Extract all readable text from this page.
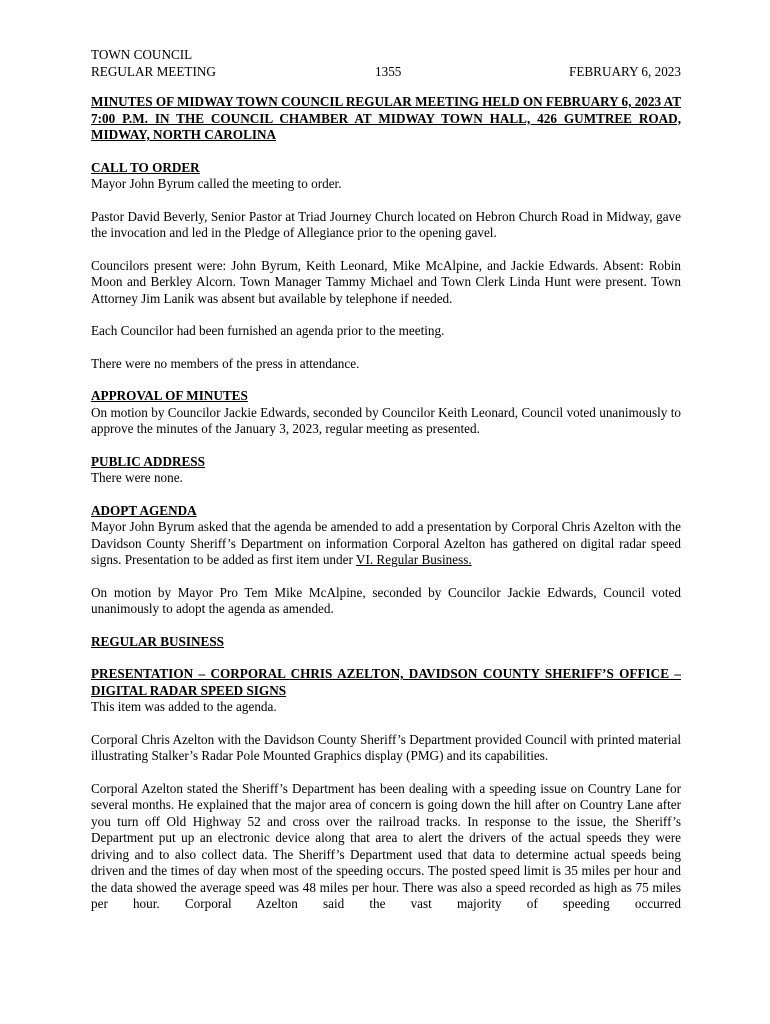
TOWN COUNCIL
REGULAR MEETING	1355	FEBRUARY 6, 2023
MINUTES OF MIDWAY TOWN COUNCIL REGULAR MEETING HELD ON FEBRUARY 6, 2023 AT 7:00 P.M. IN THE COUNCIL CHAMBER AT MIDWAY TOWN HALL, 426 GUMTREE ROAD, MIDWAY, NORTH CAROLINA
CALL TO ORDER

Mayor John Byrum called the meeting to order.

Pastor David Beverly, Senior Pastor at Triad Journey Church located on Hebron Church Road in Midway, gave the invocation and led in the Pledge of Allegiance prior to the opening gavel.

Councilors present were: John Byrum, Keith Leonard, Mike McAlpine, and Jackie Edwards. Absent: Robin Moon and Berkley Alcorn. Town Manager Tammy Michael and Town Clerk Linda Hunt were present. Town Attorney Jim Lanik was absent but available by telephone if needed.

Each Councilor had been furnished an agenda prior to the meeting.

There were no members of the press in attendance.

APPROVAL OF MINUTES

On motion by Councilor Jackie Edwards, seconded by Councilor Keith Leonard, Council voted unanimously to approve the minutes of the January 3, 2023, regular meeting as presented.

PUBLIC ADDRESS

There were none.

ADOPT AGENDA

Mayor John Byrum asked that the agenda be amended to add a presentation by Corporal Chris Azelton with the Davidson County Sheriff’s Department on information Corporal Azelton has gathered on digital radar speed signs. Presentation to be added as first item under VI. Regular Business.

On motion by Mayor Pro Tem Mike McAlpine, seconded by Councilor Jackie Edwards, Council voted unanimously to adopt the agenda as amended.

REGULAR BUSINESS
PRESENTATION – CORPORAL CHRIS AZELTON, DAVIDSON COUNTY SHERIFF’S OFFICE – DIGITAL RADAR SPEED SIGNS

This item was added to the agenda.

Corporal Chris Azelton with the Davidson County Sheriff’s Department provided Council with printed material illustrating Stalker’s Radar Pole Mounted Graphics display (PMG) and its capabilities.

Corporal Azelton stated the Sheriff’s Department has been dealing with a speeding issue on Country Lane for several months. He explained that the major area of concern is going down the hill after on Country Lane after you turn off Old Highway 52 and cross over the railroad tracks. In response to the issue, the Sheriff’s Department put up an electronic device along that area to alert the drivers of the actual speeds they were driving and to also collect data. The Sheriff’s Department used that data to determine actual speeds being driven and the times of day when most of the speeding occurs. The posted speed limit is 35 miles per hour and the data showed the average speed was 48 miles per hour. There was also a speed recorded as high as 75 miles per hour. Corporal Azelton said the vast majority of speeding occurred
